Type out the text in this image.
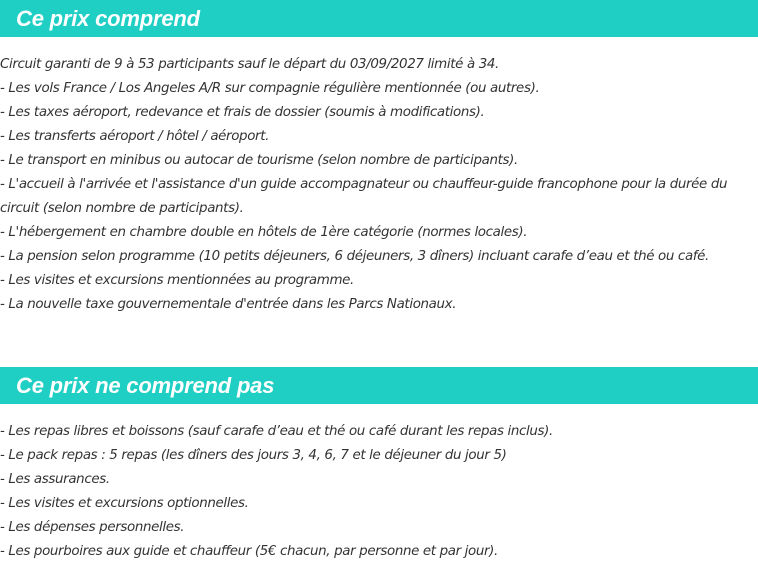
Ce prix comprend
Circuit garanti de 9 à 53 participants sauf le départ du 03/09/2027 limité à 34.
- Les vols France / Los Angeles A/R sur compagnie régulière mentionnée (ou autres).
- Les taxes aéroport, redevance et frais de dossier (soumis à modifications).
- Les transferts aéroport / hôtel / aéroport.
- Le transport en minibus ou autocar de tourisme (selon nombre de participants).
- L'accueil à l'arrivée et l'assistance d'un guide accompagnateur ou chauffeur-guide francophone pour la durée du circuit (selon nombre de participants).
- L'hébergement en chambre double en hôtels de 1ère catégorie (normes locales).
- La pension selon programme (10 petits déjeuners, 6 déjeuners, 3 dîners) incluant carafe d’eau et thé ou café.
- Les visites et excursions mentionnées au programme.
- La nouvelle taxe gouvernementale d'entrée dans les Parcs Nationaux.
Ce prix ne comprend pas
- Les repas libres et boissons (sauf carafe d’eau et thé ou café durant les repas inclus).
- Le pack repas : 5 repas (les dîners des jours 3, 4, 6, 7 et le déjeuner du jour 5)
- Les assurances.
- Les visites et excursions optionnelles.
- Les dépenses personnelles.
- Les pourboires aux guide et chauffeur (5€ chacun, par personne et par jour).
